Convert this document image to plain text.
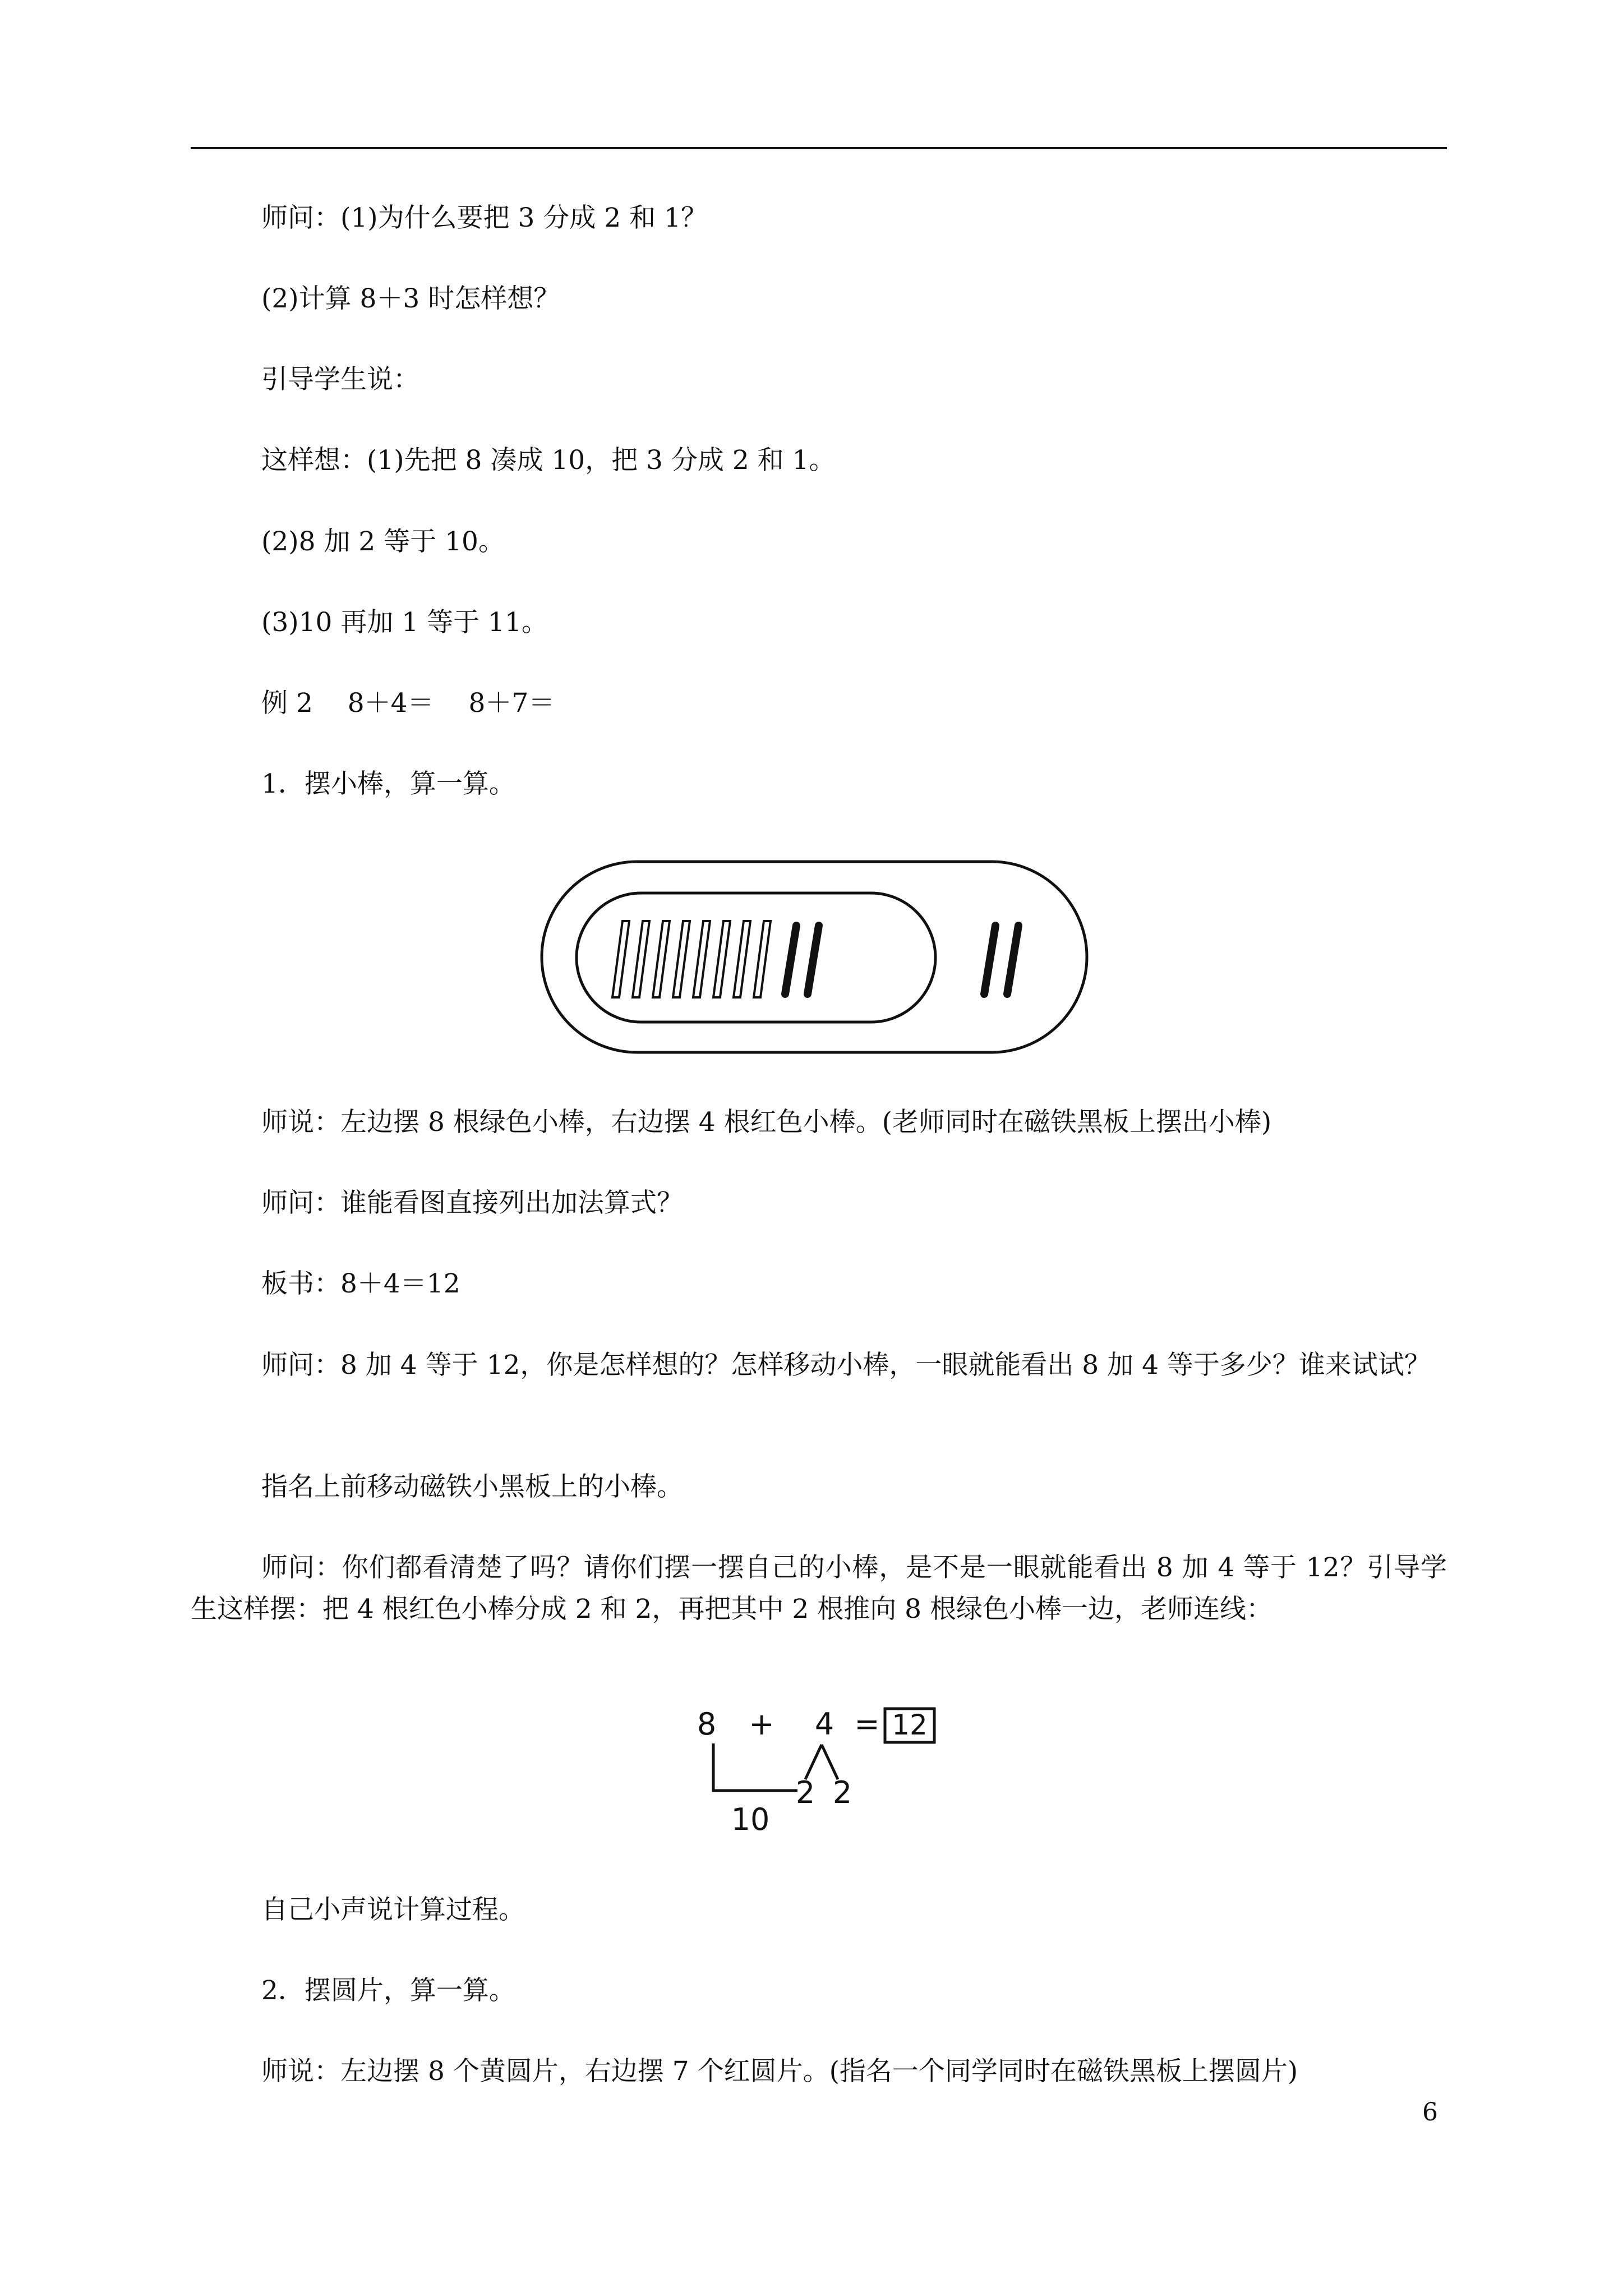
师问：(1)为什么要把 3 分成 2 和 1？

(2)计算 8＋3 时怎样想？

引导学生说：

这样想：(1)先把 8 凑成 10，把 3 分成 2 和 1。

(2)8 加 2 等于 10。

(3)10 再加 1 等于 11。

例 2　 8＋4＝　 8＋7＝

1．摆小棒，算一算。

师说：左边摆 8 根绿色小棒，右边摆 4 根红色小棒。(老师同时在磁铁黑板上摆出小棒)

师问：谁能看图直接列出加法算式？

板书：8＋4＝12

师问：8 加 4 等于 12，你是怎样想的？怎样移动小棒，一眼就能看出 8 加 4 等于多少？谁来试试？

指名上前移动磁铁小黑板上的小棒。

师问：你们都看清楚了吗？请你们摆一摆自己的小棒，是不是一眼就能看出 8 加 4 等于 12？引导学生这样摆：把 4 根红色小棒分成 2 和 2，再把其中 2 根推向 8 根绿色小棒一边，老师连线：

8 + 4 = 12
2 2
10

自己小声说计算过程。

2．摆圆片，算一算。

师说：左边摆 8 个黄圆片，右边摆 7 个红圆片。(指名一个同学同时在磁铁黑板上摆圆片)

6
